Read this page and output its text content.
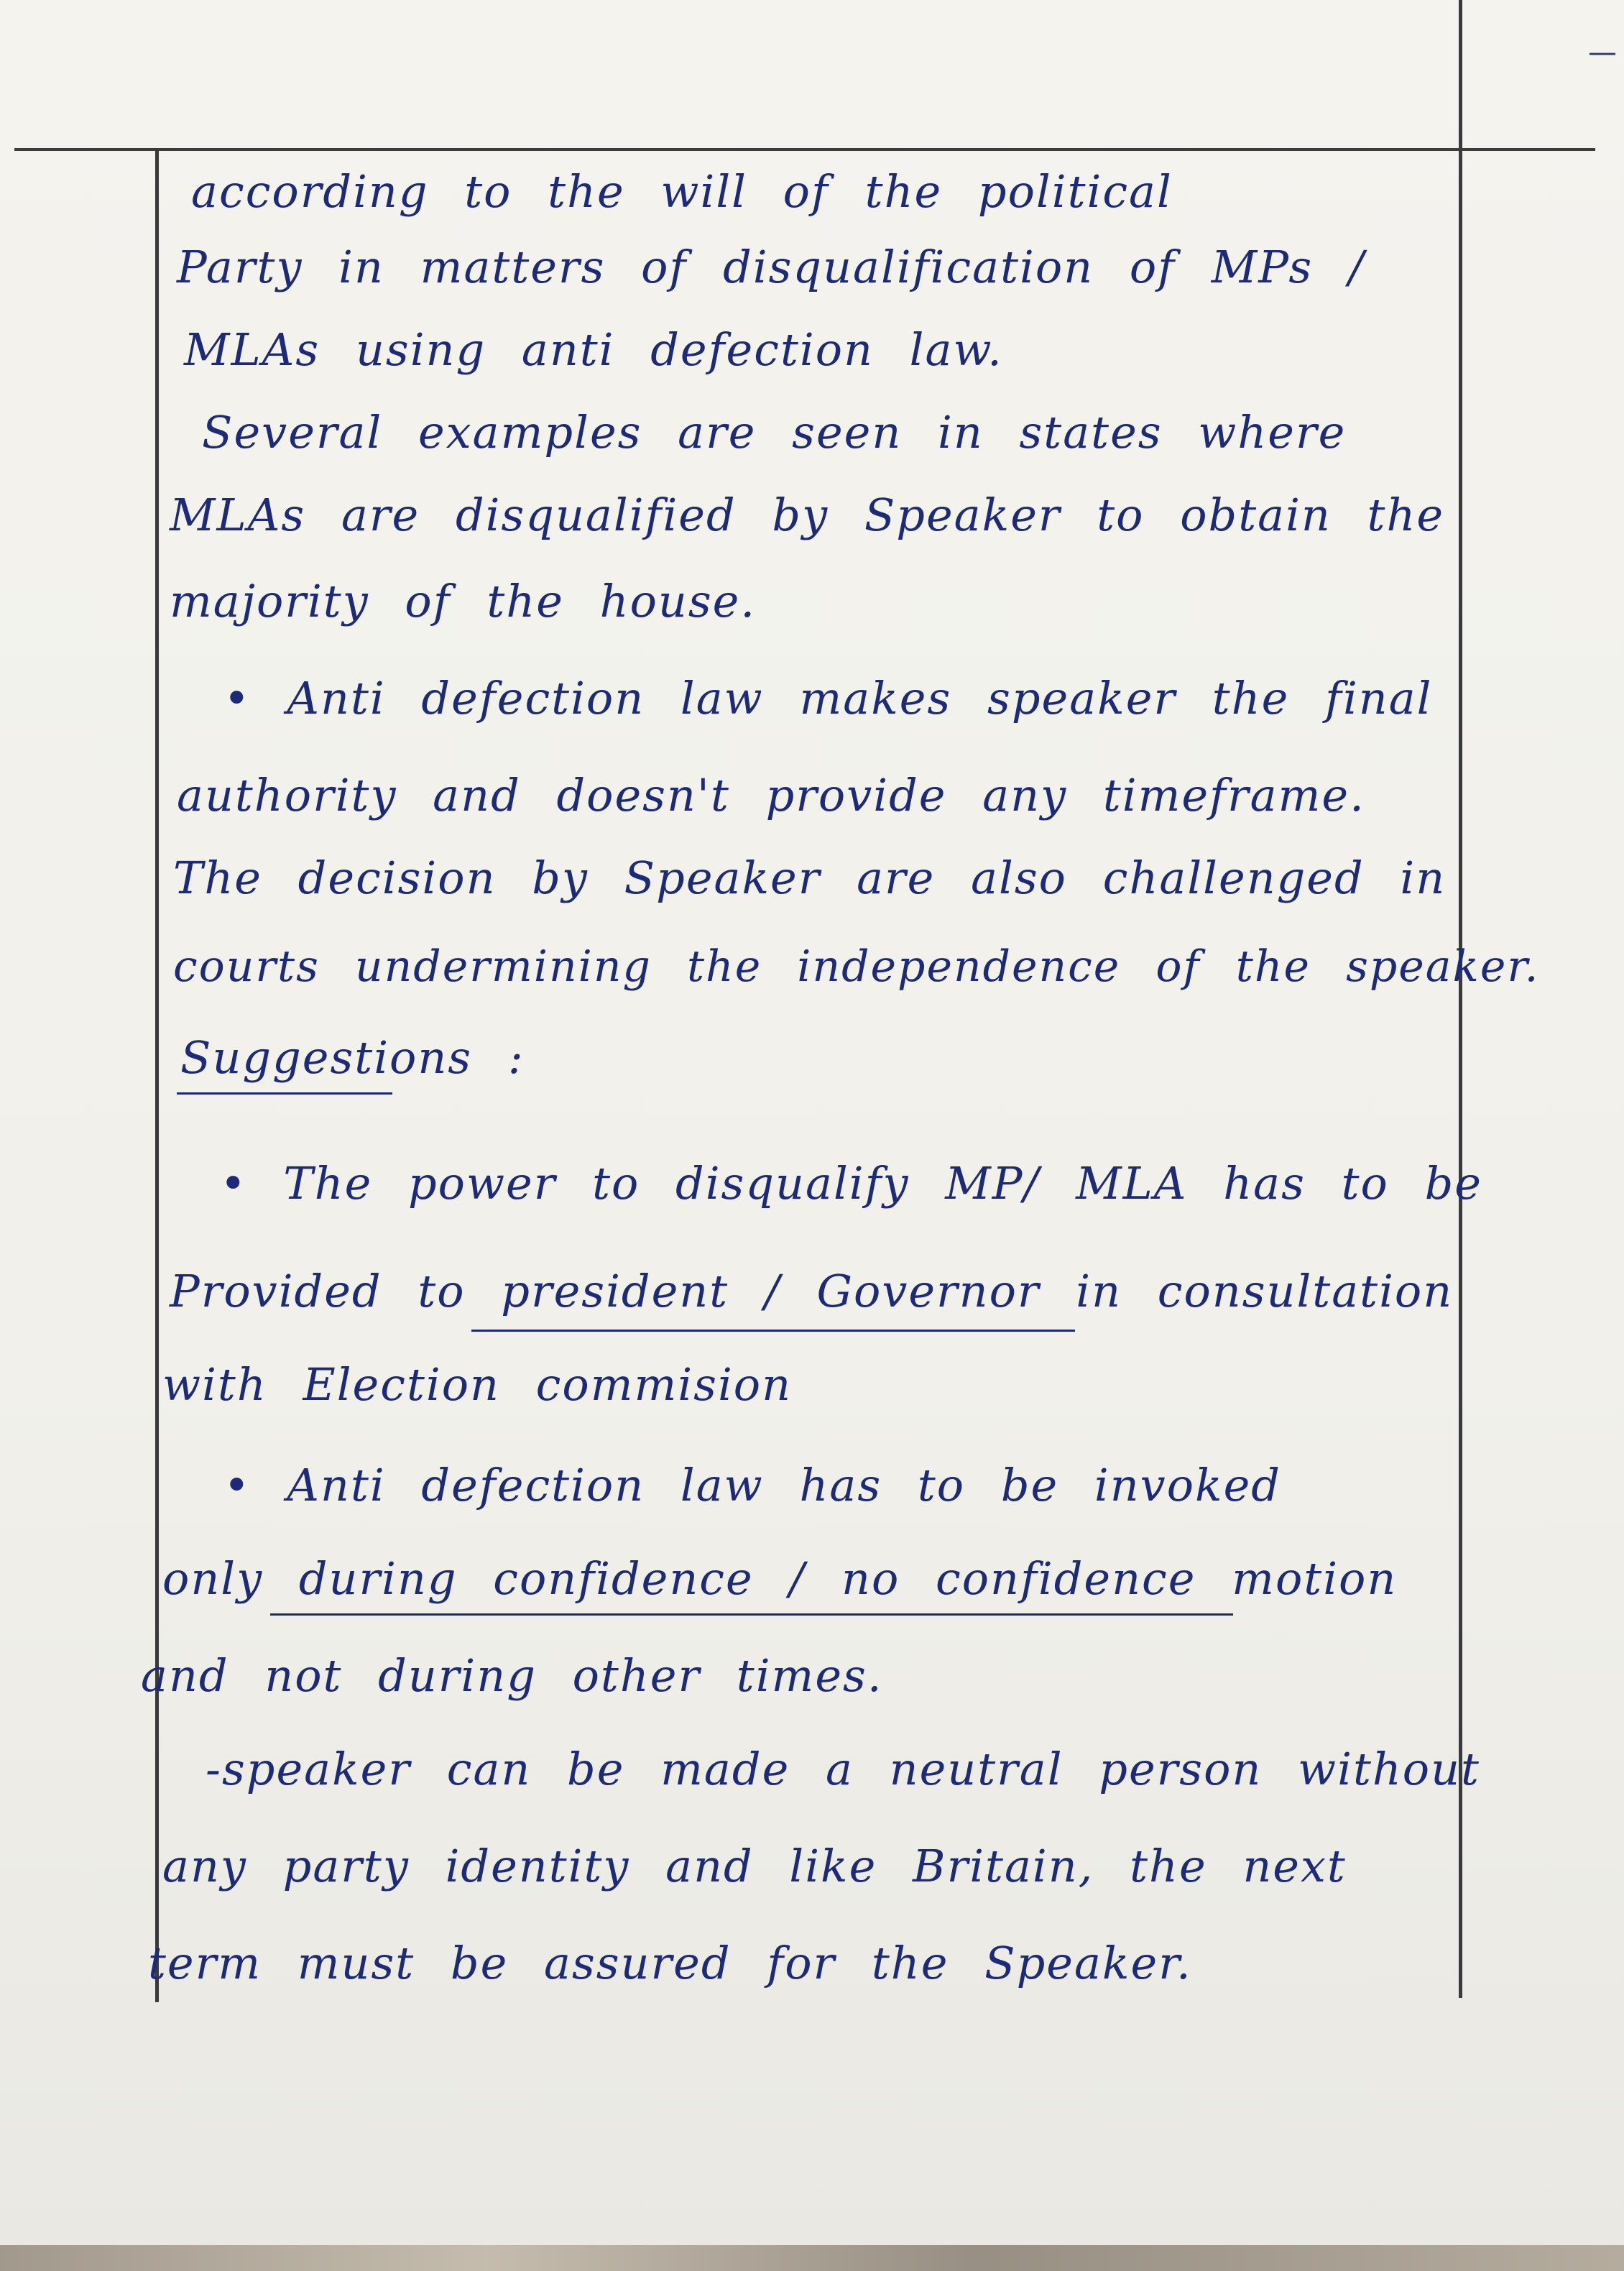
—
according to the will of the political
Party in matters of disqualification of MPs /
MLAs using anti defection law.
Several examples are seen in states where
MLAs are disqualified by Speaker to obtain the
majority of the house.
• Anti defection law makes speaker the final
authority and doesn't provide any timeframe.
The decision by Speaker are also challenged in
courts undermining the independence of the speaker.
Suggestions :
• The power to disqualify MP/ MLA has to be
Provided to president / Governor in consultation
with Election commision
• Anti defection law has to be invoked
only during confidence / no confidence motion
and not during other times.
-speaker can be made a neutral person without
any party identity and like Britain, the next
term must be assured for the Speaker.
